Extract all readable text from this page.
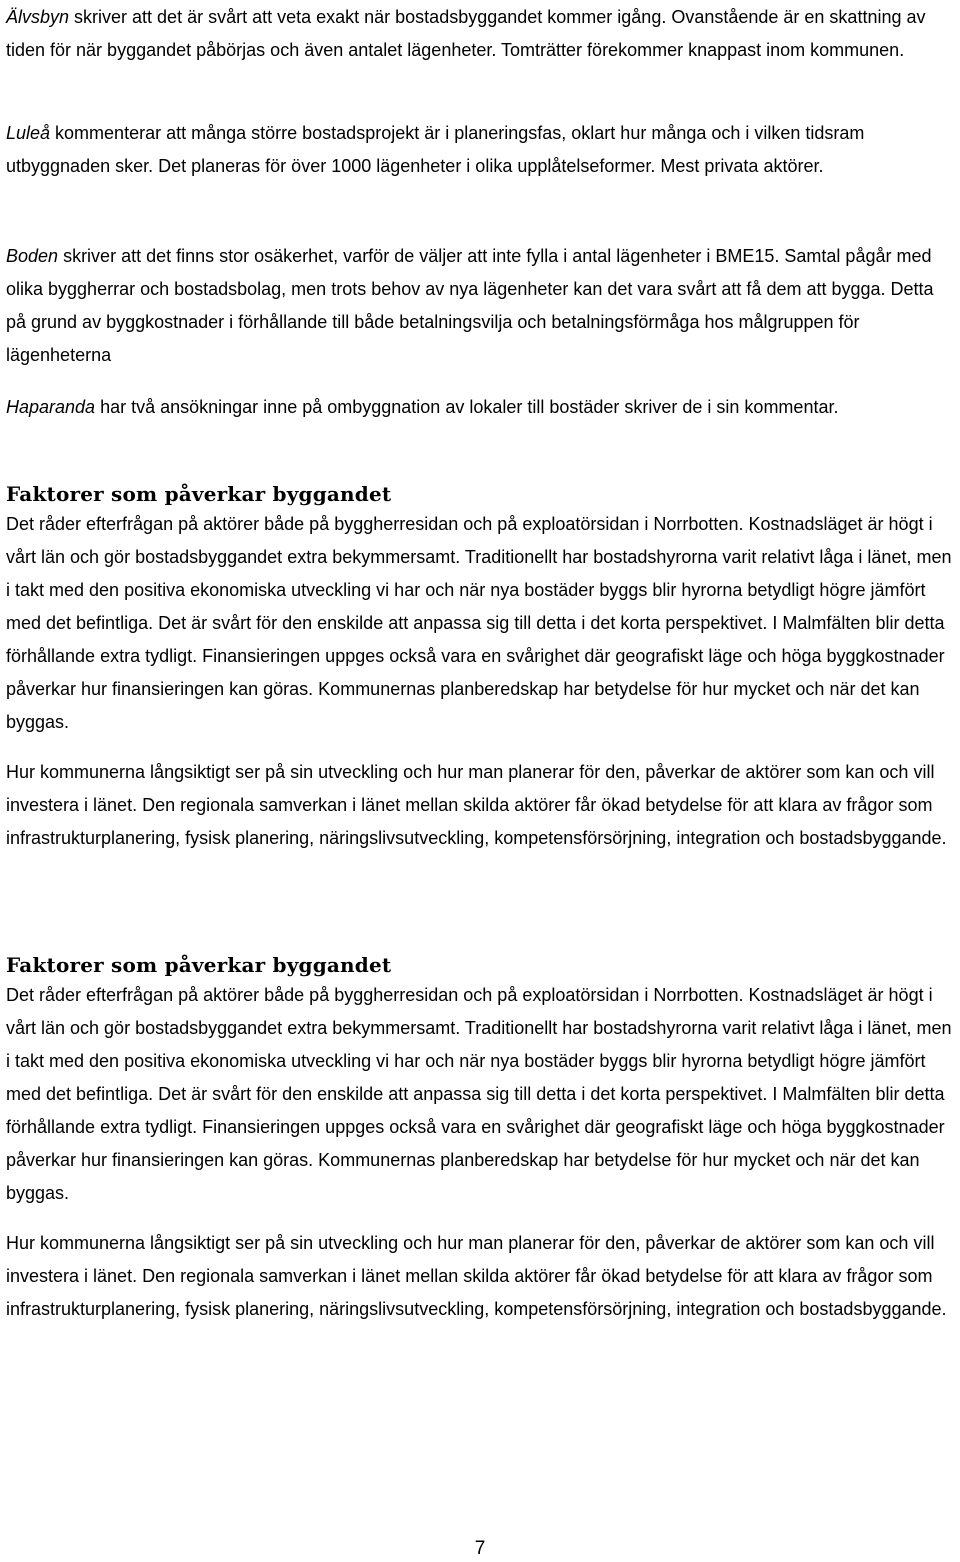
Älvsbyn skriver att det är svårt att veta exakt när bostadsbyggandet kommer igång. Ovanstående är en skattning av tiden för när byggandet påbörjas och även antalet lägenheter. Tomträtter förekommer knappast inom kommunen.

Luleå kommenterar att många större bostadsprojekt är i planeringsfas, oklart hur många och i vilken tidsram utbyggnaden sker. Det planeras för över 1000 lägenheter i olika upplåtelseformer. Mest privata aktörer.

Boden skriver att det finns stor osäkerhet, varför de väljer att inte fylla i antal lägenheter i BME15. Samtal pågår med olika byggherrar och bostadsbolag, men trots behov av nya lägenheter kan det vara svårt att få dem att bygga. Detta på grund av byggkostnader i förhållande till både betalningsvilja och betalningsförmåga hos målgruppen för lägenheterna

Haparanda har två ansökningar inne på ombyggnation av lokaler till bostäder skriver de i sin kommentar.

Faktorer som påverkar byggandet

Det råder efterfrågan på aktörer både på byggherresidan och på exploatörsidan i Norrbotten. Kostnadsläget är högt i vårt län och gör bostadsbyggandet extra bekymmersamt. Traditionellt har bostadshyrorna varit relativt låga i länet, men i takt med den positiva ekonomiska utveckling vi har och när nya bostäder byggs blir hyrorna betydligt högre jämfört med det befintliga. Det är svårt för den enskilde att anpassa sig till detta i det korta perspektivet. I Malmfälten blir detta förhållande extra tydligt. Finansieringen uppges också vara en svårighet där geografiskt läge och höga byggkostnader påverkar hur finansieringen kan göras. Kommunernas planberedskap har betydelse för hur mycket och när det kan byggas.

Hur kommunerna långsiktigt ser på sin utveckling och hur man planerar för den, påverkar de aktörer som kan och vill investera i länet. Den regionala samverkan i länet mellan skilda aktörer får ökad betydelse för att klara av frågor som infrastrukturplanering, fysisk planering, näringslivsutveckling, kompetensförsörjning, integration och bostadsbyggande.

Faktorer som påverkar byggandet

Det råder efterfrågan på aktörer både på byggherresidan och på exploatörsidan i Norrbotten. Kostnadsläget är högt i vårt län och gör bostadsbyggandet extra bekymmersamt. Traditionellt har bostadshyrorna varit relativt låga i länet, men i takt med den positiva ekonomiska utveckling vi har och när nya bostäder byggs blir hyrorna betydligt högre jämfört med det befintliga. Det är svårt för den enskilde att anpassa sig till detta i det korta perspektivet. I Malmfälten blir detta förhållande extra tydligt. Finansieringen uppges också vara en svårighet där geografiskt läge och höga byggkostnader påverkar hur finansieringen kan göras. Kommunernas planberedskap har betydelse för hur mycket och när det kan byggas.

Hur kommunerna långsiktigt ser på sin utveckling och hur man planerar för den, påverkar de aktörer som kan och vill investera i länet. Den regionala samverkan i länet mellan skilda aktörer får ökad betydelse för att klara av frågor som infrastrukturplanering, fysisk planering, näringslivsutveckling, kompetensförsörjning, integration och bostadsbyggande.

7
